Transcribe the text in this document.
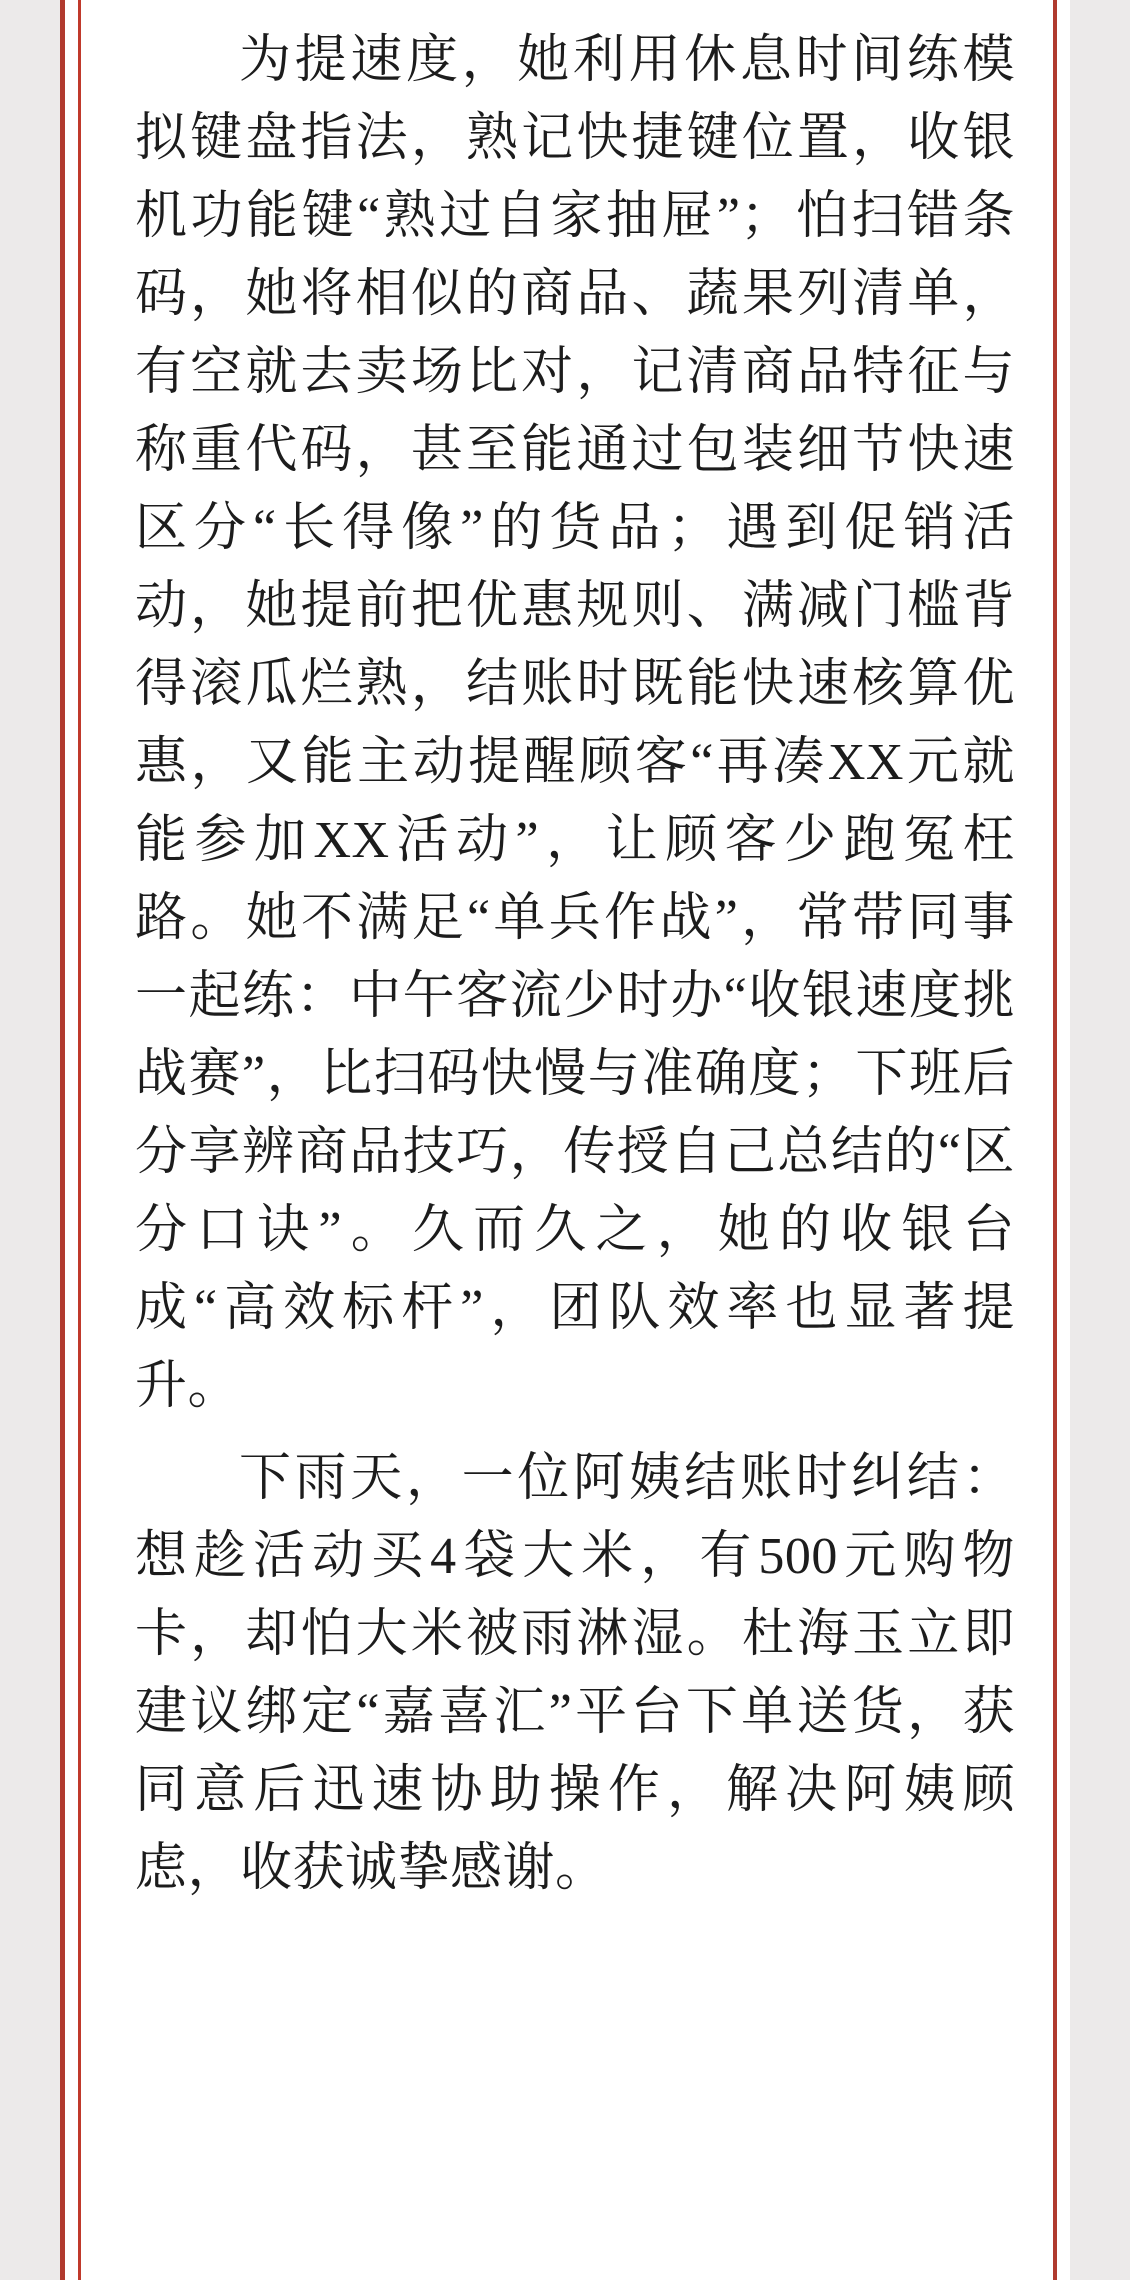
为提速度，她利用休息时间练模拟键盘指法，熟记快捷键位置，收银机功能键“熟过自家抽屉”；怕扫错条码，她将相似的商品、蔬果列清单，有空就去卖场比对，记清商品特征与称重代码，甚至能通过包装细节快速区分“长得像”的货品；遇到促销活动，她提前把优惠规则、满减门槛背得滚瓜烂熟，结账时既能快速核算优惠，又能主动提醒顾客“再凑XX元就能参加XX活动”，让顾客少跑冤枉路。她不满足“单兵作战”，常带同事一起练：中午客流少时办“收银速度挑战赛”，比扫码快慢与准确度；下班后分享辨商品技巧，传授自己总结的“区分口诀”。久而久之，她的收银台成“高效标杆”，团队效率也显著提升。

下雨天，一位阿姨结账时纠结：想趁活动买4袋大米，有500元购物卡，却怕大米被雨淋湿。杜海玉立即建议绑定“嘉喜汇”平台下单送货，获同意后迅速协助操作，解决阿姨顾虑，收获诚挚感谢。
